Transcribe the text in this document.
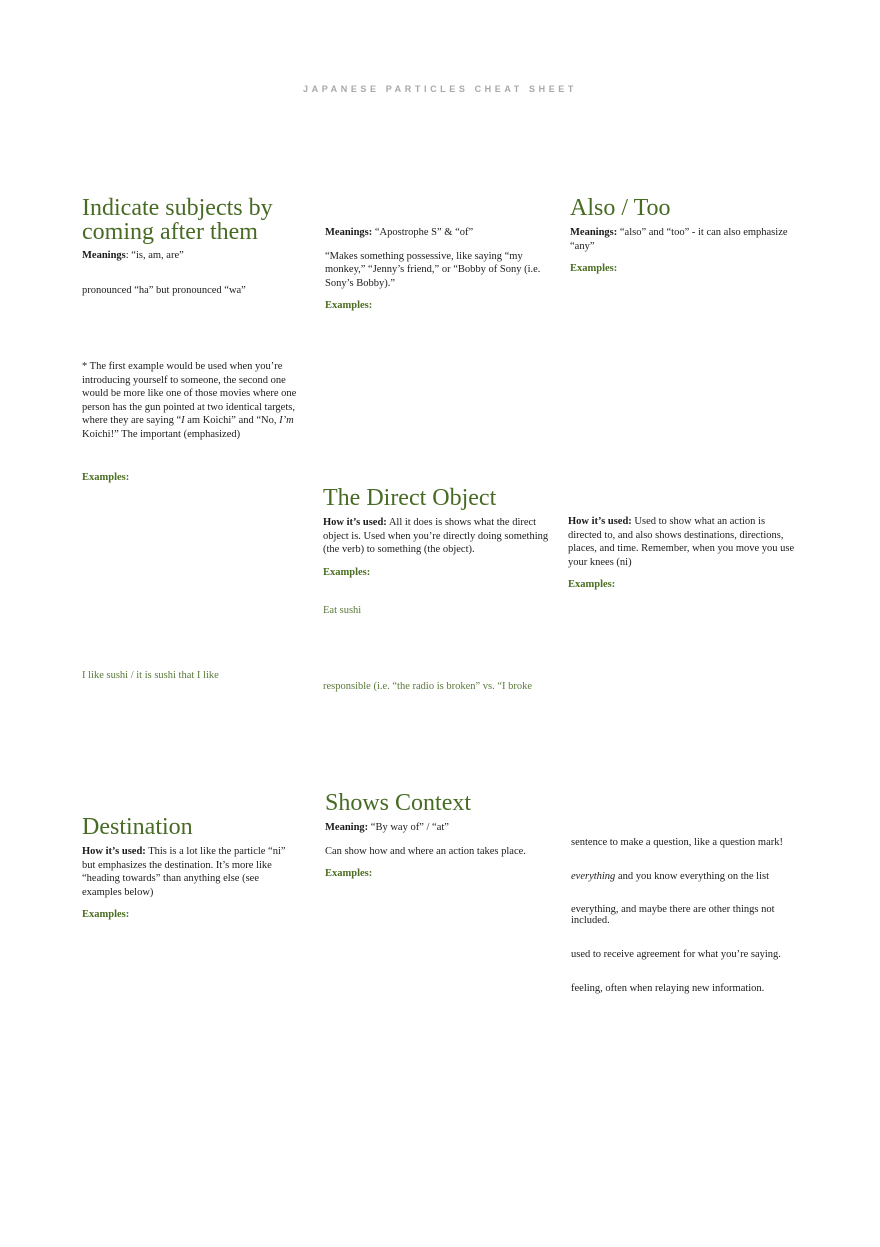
JAPANESE PARTICLES CHEAT SHEET
Indicate subjects by
coming after them
Meanings: “is, am, are”
pronounced “ha” but pronounced “wa”
* The first example would be used when you’re introducing yourself to someone, the second one would be more like one of those movies where one person has the gun pointed at two identical targets, where they are saying “I am Koichi” and “No, I’m Koichi!” The important (emphasized)
Examples:
I like sushi / it is sushi that I like
Meanings: “Apostrophe S” & “of”
“Makes something possessive, like saying “my monkey,” “Jenny’s friend,” or “Bobby of Sony (i.e. Sony’s Bobby).”
Examples:
Also / Too
Meanings: “also” and “too” - it can also emphasize “any”
Examples:
The Direct Object
How it’s used: All it does is shows what the direct object is. Used when you’re directly doing something (the verb) to something (the object).
Examples:
Eat sushi
responsible (i.e. “the radio is broken” vs. “I broke
How it’s used: Used to show what an action is directed to, and also shows destinations, directions, places, and time. Remember, when you move you use your knees (ni)
Examples:
Destination
How it’s used: This is a lot like the particle “ni” but emphasizes the destination. It’s more like “heading towards” than anything else (see examples below)
Examples:
Shows Context
Meaning: “By way of” / “at”
Can show how and where an action takes place.
Examples:
sentence to make a question, like a question mark!
everything and you know everything on the list
everything, and maybe there are other things not included.
used to receive agreement for what you’re saying.
feeling, often when relaying new information.
